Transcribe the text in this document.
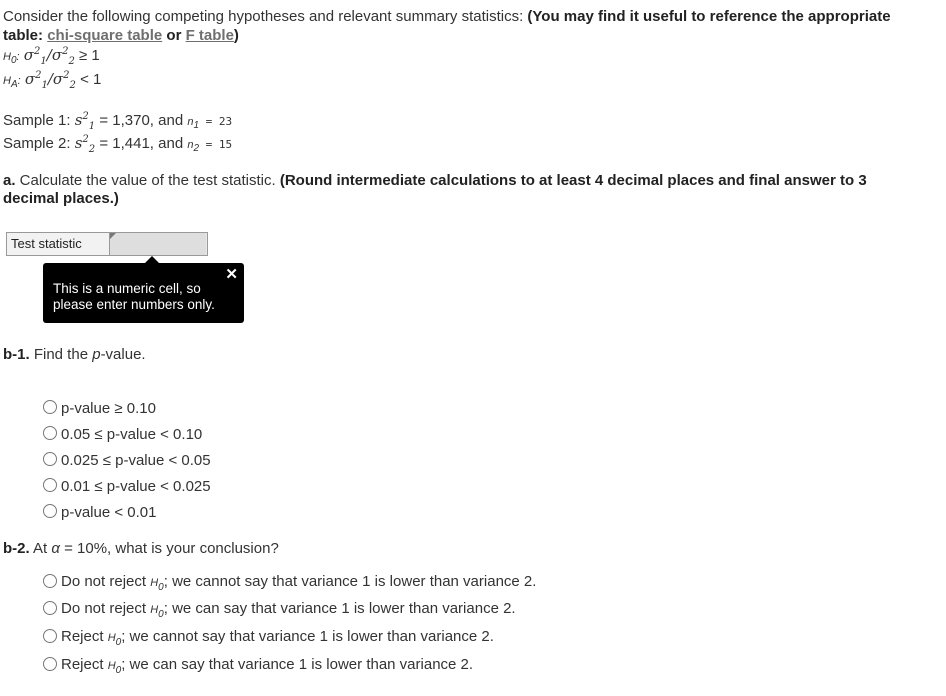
Consider the following competing hypotheses and relevant summary statistics: (You may find it useful to reference the appropriate
table: chi-square table or F table)
$H_0$: $\sigma^2_1/\sigma^2_2 \ge 1$
$H_A$: $\sigma^2_1/\sigma^2_2 < 1$
Sample 1: $s^2_1 = 1,370$, and $n_1 = 23$
Sample 2: $s^2_2 = 1,441$, and $n_2 = 15$
a. Calculate the value of the test statistic. (Round intermediate calculations to at least 4 decimal places and final answer to 3
decimal places.)
Test statistic
✕
This is a numeric cell, so please enter numbers only.
b-1. Find the p-value.
p-value ≥ 0.10
0.05 ≤ p-value < 0.10
0.025 ≤ p-value < 0.05
0.01 ≤ p-value < 0.025
p-value < 0.01
b-2. At α = 10%, what is your conclusion?
Do not reject $H_0$; we cannot say that variance 1 is lower than variance 2.
Do not reject $H_0$; we can say that variance 1 is lower than variance 2.
Reject $H_0$; we cannot say that variance 1 is lower than variance 2.
Reject $H_0$; we can say that variance 1 is lower than variance 2.
